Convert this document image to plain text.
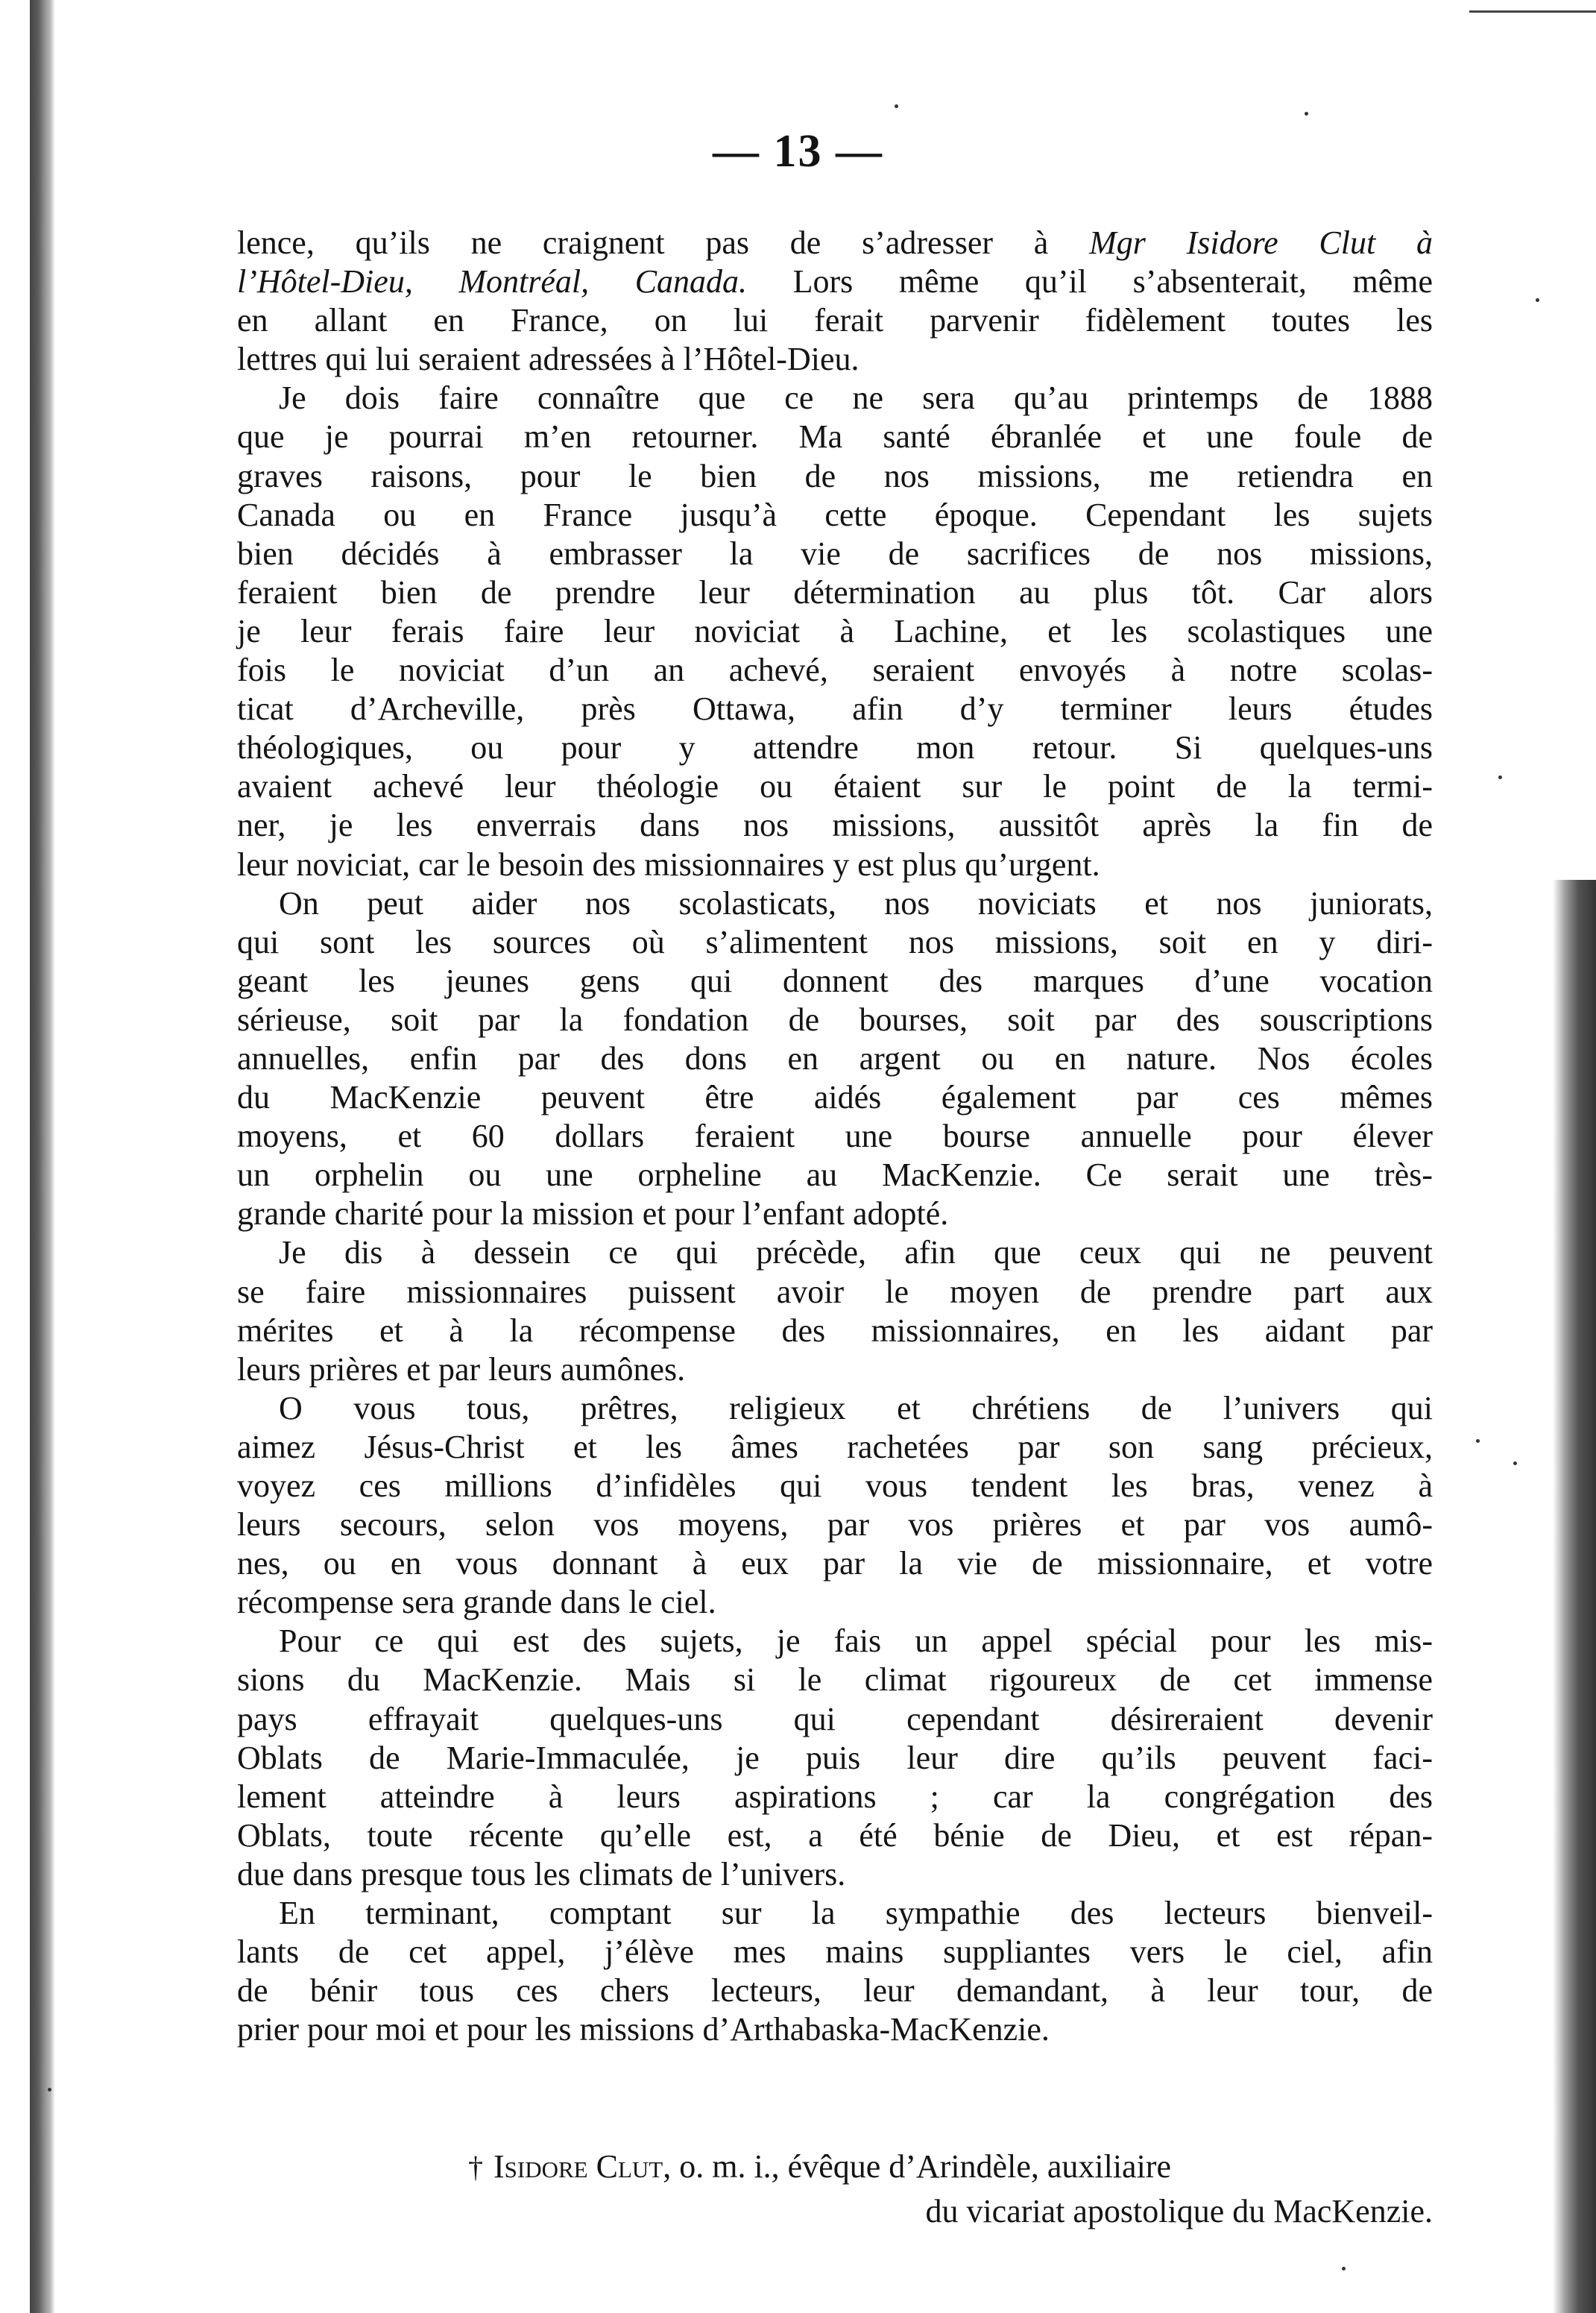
— 13 —
lence, qu’ils ne craignent pas de s’adresser à Mgr Isidore Clut à
l’Hôtel-Dieu, Montréal, Canada. Lors même qu’il s’absenterait, même
en allant en France, on lui ferait parvenir fidèlement toutes les
lettres qui lui seraient adressées à l’Hôtel-Dieu.
Je dois faire connaître que ce ne sera qu’au printemps de 1888
que je pourrai m’en retourner. Ma santé ébranlée et une foule de
graves raisons, pour le bien de nos missions, me retiendra en
Canada ou en France jusqu’à cette époque. Cependant les sujets
bien décidés à embrasser la vie de sacrifices de nos missions,
feraient bien de prendre leur détermination au plus tôt. Car alors
je leur ferais faire leur noviciat à Lachine, et les scolastiques une
fois le noviciat d’un an achevé, seraient envoyés à notre scolas-
ticat d’Archeville, près Ottawa, afin d’y terminer leurs études
théologiques, ou pour y attendre mon retour. Si quelques-uns
avaient achevé leur théologie ou étaient sur le point de la termi-
ner, je les enverrais dans nos missions, aussitôt après la fin de
leur noviciat, car le besoin des missionnaires y est plus qu’urgent.
On peut aider nos scolasticats, nos noviciats et nos juniorats,
qui sont les sources où s’alimentent nos missions, soit en y diri-
geant les jeunes gens qui donnent des marques d’une vocation
sérieuse, soit par la fondation de bourses, soit par des souscriptions
annuelles, enfin par des dons en argent ou en nature. Nos écoles
du MacKenzie peuvent être aidés également par ces mêmes
moyens, et 60 dollars feraient une bourse annuelle pour élever
un orphelin ou une orpheline au MacKenzie. Ce serait une très-
grande charité pour la mission et pour l’enfant adopté.
Je dis à dessein ce qui précède, afin que ceux qui ne peuvent
se faire missionnaires puissent avoir le moyen de prendre part aux
mérites et à la récompense des missionnaires, en les aidant par
leurs prières et par leurs aumônes.
O vous tous, prêtres, religieux et chrétiens de l’univers qui
aimez Jésus-Christ et les âmes rachetées par son sang précieux,
voyez ces millions d’infidèles qui vous tendent les bras, venez à
leurs secours, selon vos moyens, par vos prières et par vos aumô-
nes, ou en vous donnant à eux par la vie de missionnaire, et votre
récompense sera grande dans le ciel.
Pour ce qui est des sujets, je fais un appel spécial pour les mis-
sions du MacKenzie. Mais si le climat rigoureux de cet immense
pays effrayait quelques-uns qui cependant désireraient devenir
Oblats de Marie-Immaculée, je puis leur dire qu’ils peuvent faci-
lement atteindre à leurs aspirations ; car la congrégation des
Oblats, toute récente qu’elle est, a été bénie de Dieu, et est répan-
due dans presque tous les climats de l’univers.
En terminant, comptant sur la sympathie des lecteurs bienveil-
lants de cet appel, j’élève mes mains suppliantes vers le ciel, afin
de bénir tous ces chers lecteurs, leur demandant, à leur tour, de
prier pour moi et pour les missions d’Arthabaska-MacKenzie.
† Isidore Clut, o. m. i., évêque d’Arindèle, auxiliaire
du vicariat apostolique du MacKenzie.
